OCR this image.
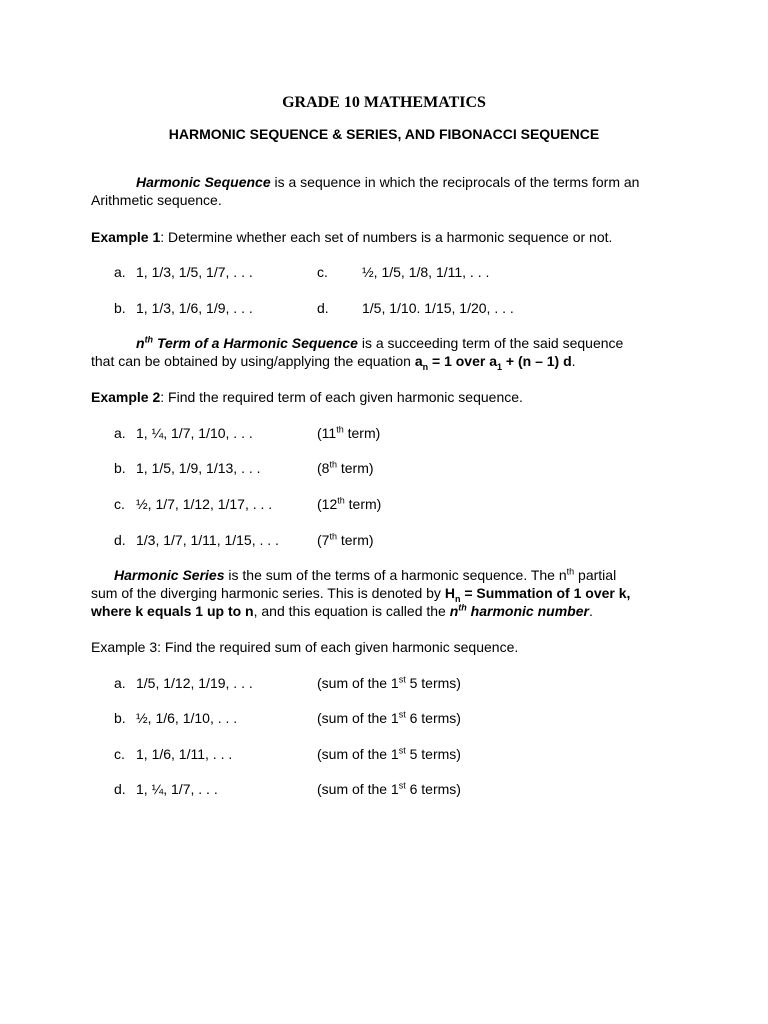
GRADE 10 MATHEMATICS
HARMONIC SEQUENCE & SERIES, AND FIBONACCI SEQUENCE
Harmonic Sequence is a sequence in which the reciprocals of the terms form an
Arithmetic sequence.
Example 1: Determine whether each set of numbers is a harmonic sequence or not.
a. 1, 1/3, 1/5, 1/7, . . .	c. ½, 1/5, 1/8, 1/11, . . .
b. 1, 1/3, 1/6, 1/9, . . .	d. 1/5, 1/10. 1/15, 1/20, . . .
$n^{th}$ Term of a Harmonic Sequence is a succeeding term of the said sequence
that can be obtained by using/applying the equation $a_n = 1$ over $a_1 + (n - 1)$ d.
Example 2: Find the required term of each given harmonic sequence.
a. 1, ¼, 1/7, 1/10, . . .	(11th term)
b. 1, 1/5, 1/9, 1/13, . . .	(8th term)
c. ½, 1/7, 1/12, 1/17, . . .	(12th term)
d. 1/3, 1/7, 1/11, 1/15, . . .	(7th term)
Harmonic Series is the sum of the terms of a harmonic sequence. The $n^{th}$ partial
sum of the diverging harmonic series. This is denoted by $H_n$ = Summation of 1 over k,
where k equals 1 up to n, and this equation is called the $n^{th}$ harmonic number.
Example 3: Find the required sum of each given harmonic sequence.
a. 1/5, 1/12, 1/19, . . .	(sum of the 1st 5 terms)
b. ½, 1/6, 1/10, . . .	(sum of the 1st 6 terms)
c. 1, 1/6, 1/11, . . .	(sum of the 1st 5 terms)
d. 1, ¼, 1/7, . . .	(sum of the 1st 6 terms)
